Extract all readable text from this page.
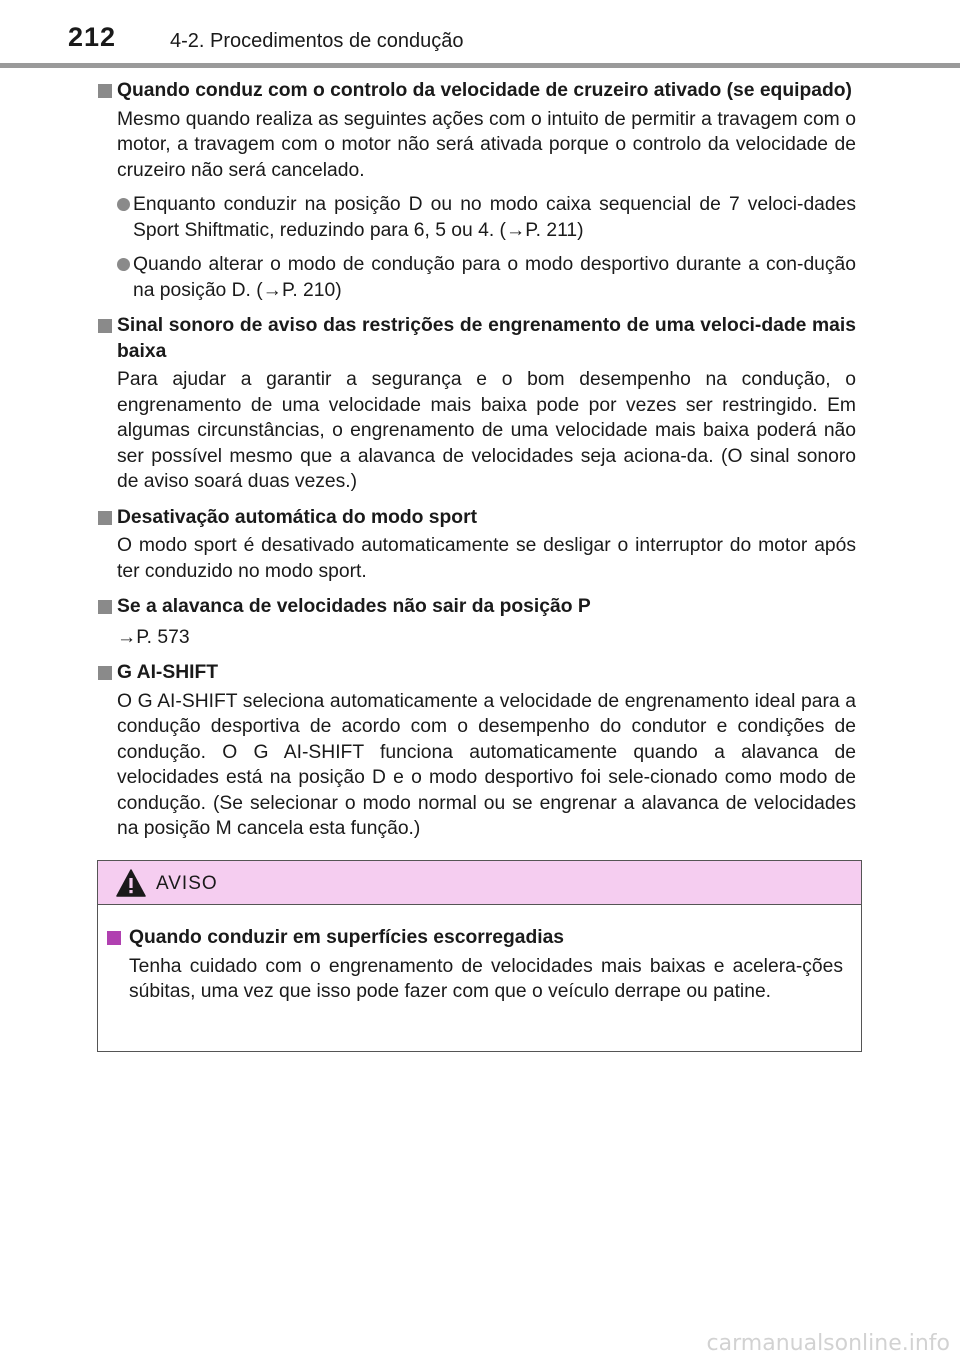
212	4-2. Procedimentos de condução
Quando conduz com o controlo da velocidade de cruzeiro ativado (se equipado)
Mesmo quando realiza as seguintes ações com o intuito de permitir a travagem com o motor, a travagem com o motor não será ativada porque o controlo da velocidade de cruzeiro não será cancelado.
Enquanto conduzir na posição D ou no modo caixa sequencial de 7 veloci-dades Sport Shiftmatic, reduzindo para 6, 5 ou 4. (→P. 211)
Quando alterar o modo de condução para o modo desportivo durante a con-dução na posição D. (→P. 210)
Sinal sonoro de aviso das restrições de engrenamento de uma veloci-dade mais baixa
Para ajudar a garantir a segurança e o bom desempenho na condução, o engrenamento de uma velocidade mais baixa pode por vezes ser restringido. Em algumas circunstâncias, o engrenamento de uma velocidade mais baixa poderá não ser possível mesmo que a alavanca de velocidades seja aciona-da. (O sinal sonoro de aviso soará duas vezes.)
Desativação automática do modo sport
O modo sport é desativado automaticamente se desligar o interruptor do motor após ter conduzido no modo sport.
Se a alavanca de velocidades não sair da posição P
→P. 573
G AI-SHIFT
O G AI-SHIFT seleciona automaticamente a velocidade de engrenamento ideal para a condução desportiva de acordo com o desempenho do condutor e condições de condução. O G AI-SHIFT funciona automaticamente quando a alavanca de velocidades está na posição D e o modo desportivo foi sele-cionado como modo de condução. (Se selecionar o modo normal ou se engrenar a alavanca de velocidades na posição M cancela esta função.)
AVISO
Quando conduzir em superfícies escorregadias
Tenha cuidado com o engrenamento de velocidades mais baixas e acelera-ções súbitas, uma vez que isso pode fazer com que o veículo derrape ou patine.
carmanualsonline.info
